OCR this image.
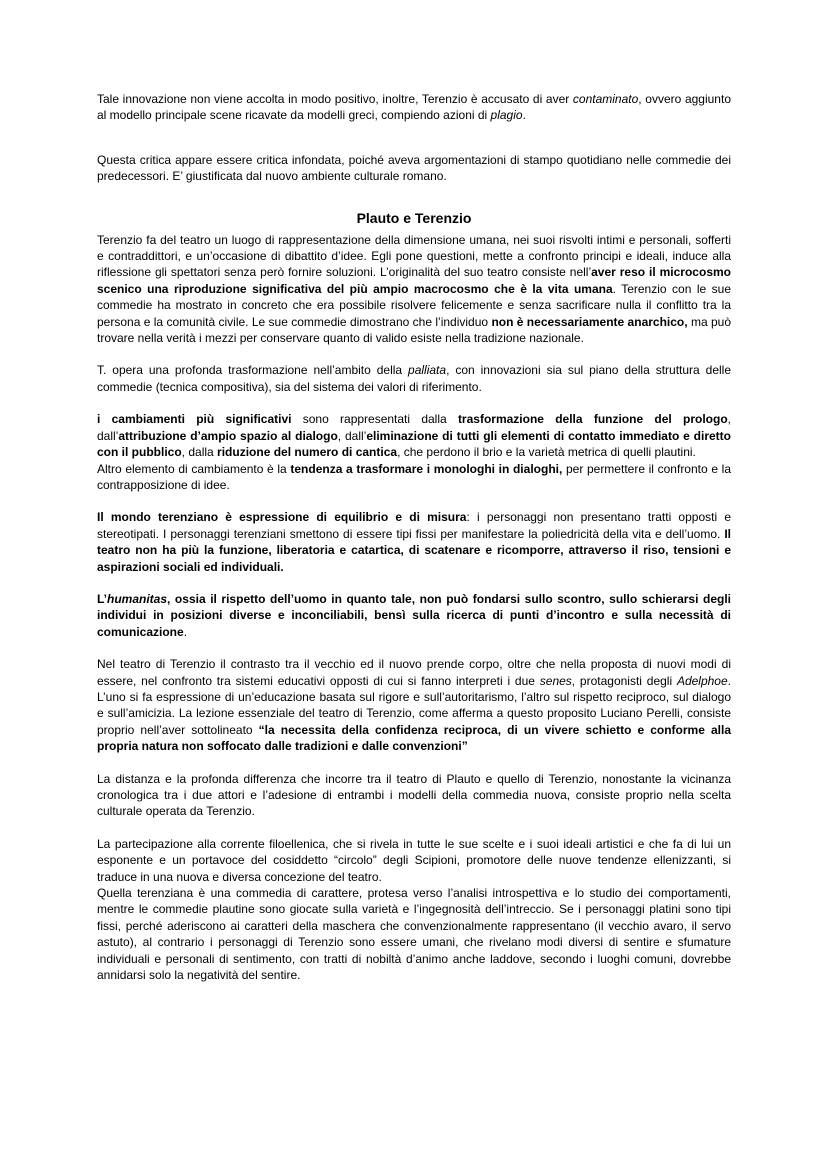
Tale innovazione non viene accolta in modo positivo, inoltre, Terenzio è accusato di aver contaminato, ovvero aggiunto al modello principale scene ricavate da modelli greci, compiendo azioni di plagio.

Questa critica appare essere critica infondata, poiché aveva argomentazioni di stampo quotidiano nelle commedie dei predecessori. E’ giustificata dal nuovo ambiente culturale romano.

Plauto e Terenzio

Terenzio fa del teatro un luogo di rappresentazione della dimensione umana, nei suoi risvolti intimi e personali, sofferti e contraddittori, e un’occasione di dibattito d’idee. Egli pone questioni, mette a confronto principi e ideali, induce alla riflessione gli spettatori senza però fornire soluzioni. L’originalità del suo teatro consiste nell’aver reso il microcosmo scenico una riproduzione significativa del più ampio macrocosmo che è la vita umana. Terenzio con le sue commedie ha mostrato in concreto che era possibile risolvere felicemente e senza sacrificare nulla il conflitto tra la persona e la comunità civile. Le sue commedie dimostrano che l’individuo non è necessariamente anarchico, ma può trovare nella verità i mezzi per conservare quanto di valido esiste nella tradizione nazionale.

T. opera una profonda trasformazione nell’ambito della palliata, con innovazioni sia sul piano della struttura delle commedie (tecnica compositiva), sia del sistema dei valori di riferimento.

i cambiamenti più significativi sono rappresentati dalla trasformazione della funzione del prologo, dall’attribuzione d’ampio spazio al dialogo, dall’eliminazione di tutti gli elementi di contatto immediato e diretto con il pubblico, dalla riduzione del numero di cantica, che perdono il brio e la varietà metrica di quelli plautini.
Altro elemento di cambiamento è la tendenza a trasformare i monologhi in dialoghi, per permettere il confronto e la contrapposizione di idee.

Il mondo terenziano è espressione di equilibrio e di misura: i personaggi non presentano tratti opposti e stereotipati. I personaggi terenziani smettono di essere tipi fissi per manifestare la poliedricità della vita e dell’uomo. Il teatro non ha più la funzione, liberatoria e catartica, di scatenare e ricomporre, attraverso il riso, tensioni e aspirazioni sociali ed individuali.

L’humanitas, ossia il rispetto dell’uomo in quanto tale, non può fondarsi sullo scontro, sullo schierarsi degli individui in posizioni diverse e inconciliabili, bensì sulla ricerca di punti d’incontro e sulla necessità di comunicazione.

Nel teatro di Terenzio il contrasto tra il vecchio ed il nuovo prende corpo, oltre che nella proposta di nuovi modi di essere, nel confronto tra sistemi educativi opposti di cui si fanno interpreti i due senes, protagonisti degli Adelphoe. L’uno si fa espressione di un’educazione basata sul rigore e sull’autoritarismo, l’altro sul rispetto reciproco, sul dialogo e sull’amicizia. La lezione essenziale del teatro di Terenzio, come afferma a questo proposito Luciano Perelli, consiste proprio nell’aver sottolineato “la necessita della confidenza reciproca, di un vivere schietto e conforme alla propria natura non soffocato dalle tradizioni e dalle convenzioni”

La distanza e la profonda differenza che incorre tra il teatro di Plauto e quello di Terenzio, nonostante la vicinanza cronologica tra i due attori e l’adesione di entrambi i modelli della commedia nuova, consiste proprio nella scelta culturale operata da Terenzio.

La partecipazione alla corrente filoellenica, che si rivela in tutte le sue scelte e i suoi ideali artistici e che fa di lui un esponente e un portavoce del cosiddetto “circolo” degli Scipioni, promotore delle nuove tendenze ellenizzanti, si traduce in una nuova e diversa concezione del teatro.
Quella terenziana è una commedia di carattere, protesa verso l’analisi introspettiva e lo studio dei comportamenti, mentre le commedie plautine sono giocate sulla varietà e l’ingegnosità dell’intreccio. Se i personaggi platini sono tipi fissi, perché aderiscono ai caratteri della maschera che convenzionalmente rappresentano (il vecchio avaro, il servo astuto), al contrario i personaggi di Terenzio sono essere umani, che rivelano modi diversi di sentire e sfumature individuali e personali di sentimento, con tratti di nobiltà d’animo anche laddove, secondo i luoghi comuni, dovrebbe annidarsi solo la negatività del sentire.
